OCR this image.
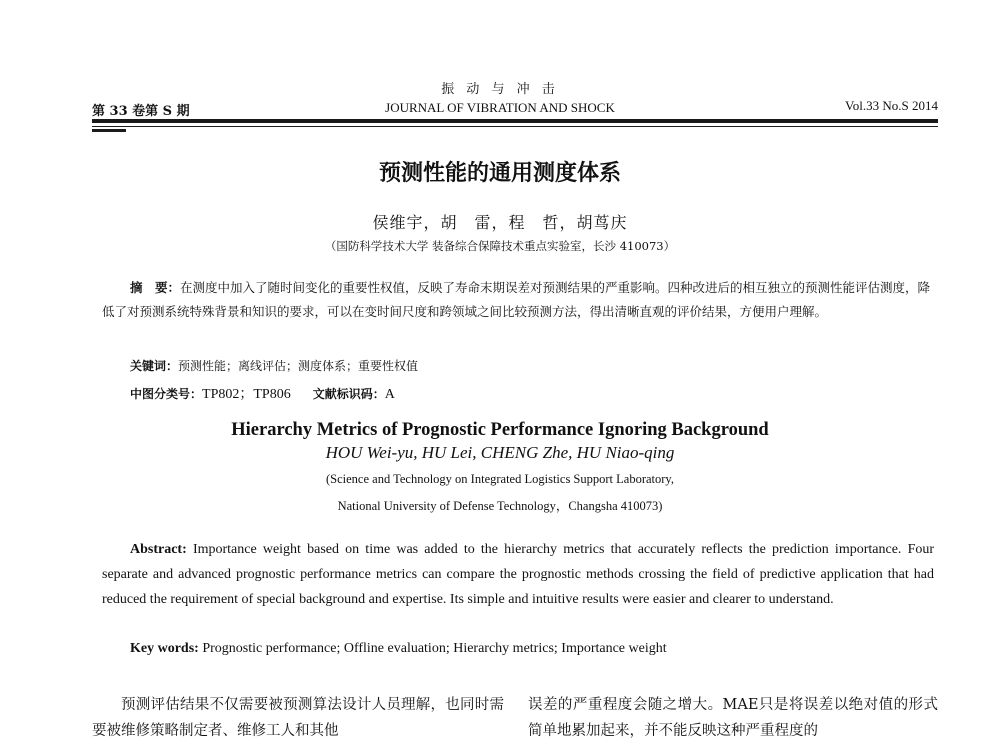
振 动 与 冲 击
第 33 卷第 S 期	JOURNAL OF VIBRATION AND SHOCK	Vol.33 No.S 2014
预测性能的通用测度体系
侯维宇，胡　雷，程　哲，胡茑庆
（国防科学技术大学 装备综合保障技术重点实验室，长沙 410073）
摘　要：在测度中加入了随时间变化的重要性权值，反映了寿命末期误差对预测结果的严重影响。四种改进后的相互独立的预测性能评估测度，降低了对预测系统特殊背景和知识的要求，可以在变时间尺度和跨领域之间比较预测方法，得出清晰直观的评价结果，方便用户理解。
关键词：预测性能；离线评估；测度体系；重要性权值
中图分类号：TP802；TP806 文献标识码：A
Hierarchy Metrics of Prognostic Performance Ignoring Background
HOU Wei-yu, HU Lei, CHENG Zhe, HU Niao-qing
(Science and Technology on Integrated Logistics Support Laboratory,
National University of Defense Technology，Changsha 410073)
Abstract: Importance weight based on time was added to the hierarchy metrics that accurately reflects the prediction importance. Four separate and advanced prognostic performance metrics can compare the prognostic methods crossing the field of predictive application that had reduced the requirement of special background and expertise. Its simple and intuitive results were easier and clearer to understand.
Key words: Prognostic performance; Offline evaluation; Hierarchy metrics; Importance weight
预测评估结果不仅需要被预测算法设计人员理解，也同时需要被维修策略制定者、维修工人和其他
误差的严重程度会随之增大。MAE只是将误差以绝对值的形式简单地累加起来，并不能反映这种严重程度的
